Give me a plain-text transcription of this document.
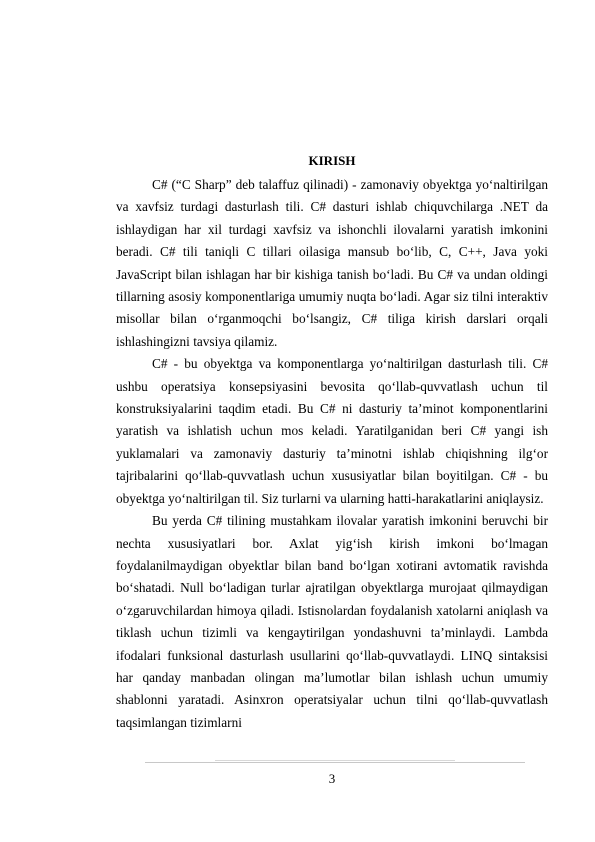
KIRISH

C# (“C Sharp” deb talaffuz qilinadi) - zamonaviy obyektga yo‘naltirilgan va xavfsiz turdagi dasturlash tili. C# dasturi ishlab chiquvchilarga .NET da ishlaydigan har xil turdagi xavfsiz va ishonchli ilovalarni yaratish imkonini beradi. C# tili taniqli C tillari oilasiga mansub bo‘lib, C, C++, Java yoki JavaScript bilan ishlagan har bir kishiga tanish bo‘ladi. Bu C# va undan oldingi tillarning asosiy komponentlariga umumiy nuqta bo‘ladi. Agar siz tilni interaktiv misollar bilan o‘rganmoqchi bo‘lsangiz, C# tiliga kirish darslari orqali ishlashingizni tavsiya qilamiz.

C# - bu obyektga va komponentlarga yo‘naltirilgan dasturlash tili. C# ushbu operatsiya konsepsiyasini bevosita qo‘llab-quvvatlash uchun til konstruksiyalarini taqdim etadi. Bu C# ni dasturiy ta’minot komponentlarini yaratish va ishlatish uchun mos keladi. Yaratilganidan beri C# yangi ish yuklamalari va zamonaviy dasturiy ta’minotni ishlab chiqishning ilg‘or tajribalarini qo‘llab-quvvatlash uchun xususiyatlar bilan boyitilgan. C# - bu obyektga yo‘naltirilgan til. Siz turlarni va ularning hatti-harakatlarini aniqlaysiz.

Bu yerda C# tilining mustahkam ilovalar yaratish imkonini beruvchi bir nechta xususiyatlari bor. Axlat yig‘ish kirish imkoni bo‘lmagan foydalanilmaydigan obyektlar bilan band bo‘lgan xotirani avtomatik ravishda bo‘shatadi. Null bo‘ladigan turlar ajratilgan obyektlarga murojaat qilmaydigan o‘zgaruvchilardan himoya qiladi. Istisnolardan foydalanish xatolarni aniqlash va tiklash uchun tizimli va kengaytirilgan yondashuvni ta’minlaydi. Lambda ifodalari funksional dasturlash usullarini qo‘llab-quvvatlaydi. LINQ sintaksisi har qanday manbadan olingan ma’lumotlar bilan ishlash uchun umumiy shablonni yaratadi. Asinxron operatsiyalar uchun tilni qo‘llab-quvvatlash taqsimlangan tizimlarni

3
